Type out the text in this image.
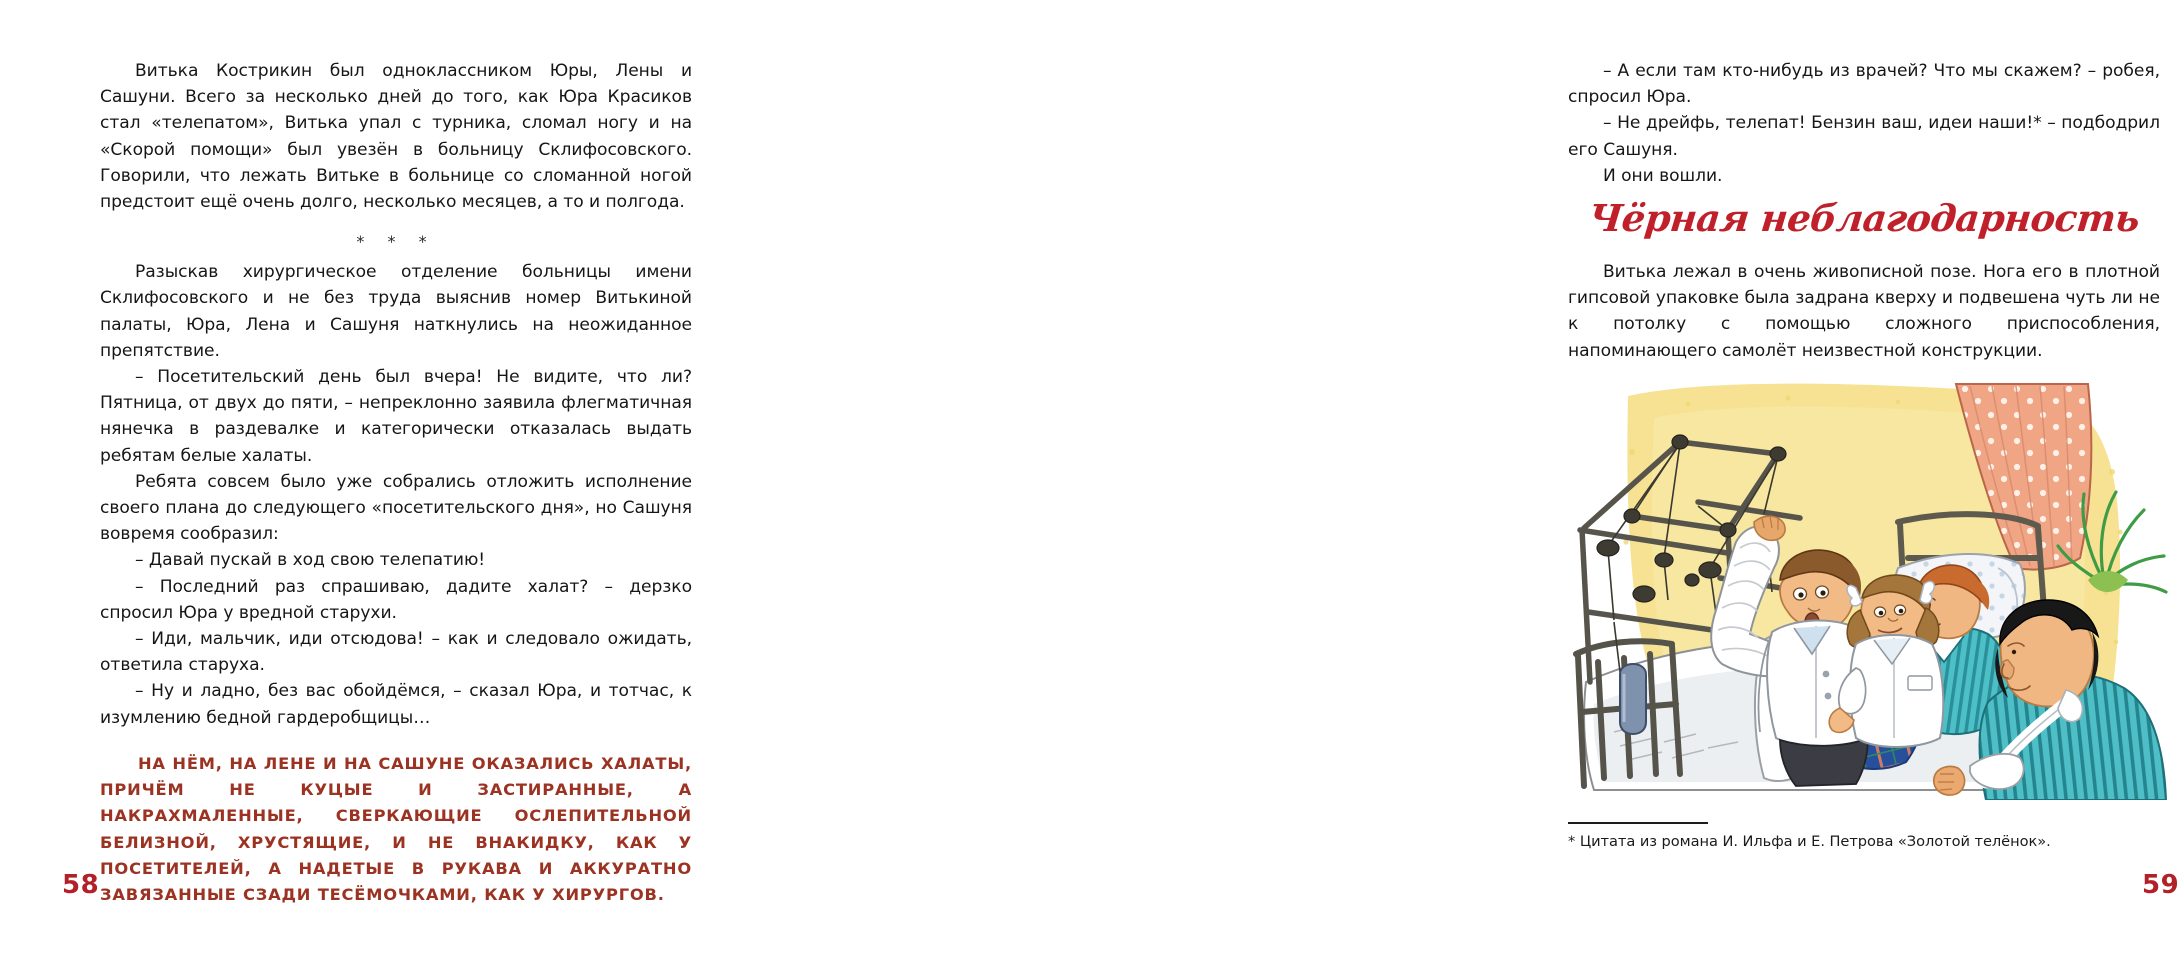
Витька Кострикин был одноклассником Юры, Лены и Сашуни. Всего за несколько дней до того, как Юра Красиков стал «телепатом», Витька упал с турника, сломал ногу и на «Скорой помощи» был увезён в больницу Склифосовского. Говорили, что лежать Витьке в больнице со сломанной ногой предстоит ещё очень долго, несколько месяцев, а то и полгода.

* * *

Разыскав хирургическое отделение больницы имени Склифосовского и не без труда выяснив номер Витькиной палаты, Юра, Лена и Сашуня наткнулись на неожиданное препятствие.

– Посетительский день был вчера! Не видите, что ли? Пятница, от двух до пяти, – непреклонно заявила флегматичная нянечка в раздевалке и категорически отказалась выдать ребятам белые халаты.

Ребята совсем было уже собрались отложить исполнение своего плана до следующего «посетительского дня», но Сашуня вовремя сообразил:

– Давай пускай в ход свою телепатию!

– Последний раз спрашиваю, дадите халат? – дерзко спросил Юра у вредной старухи.

– Иди, мальчик, иди отсюдова! – как и следовало ожидать, ответила старуха.

– Ну и ладно, без вас обойдёмся, – сказал Юра, и тотчас, к изумлению бедной гардеробщицы…

НА НЁМ, НА ЛЕНЕ И НА САШУНЕ ОКАЗАЛИСЬ ХАЛАТЫ, ПРИЧЁМ НЕ КУЦЫЕ И ЗАСТИРАННЫЕ, А НАКРАХМАЛЕННЫЕ, СВЕРКАЮЩИЕ ОСЛЕПИТЕЛЬНОЙ БЕЛИЗНОЙ, ХРУСТЯЩИЕ, И НЕ ВНАКИДКУ, КАК У ПОСЕТИТЕЛЕЙ, А НАДЕТЫЕ В РУКАВА И АККУРАТНО ЗАВЯЗАННЫЕ СЗАДИ ТЕСЁМОЧКАМИ, КАК У ХИРУРГОВ.

58

– А если там кто-нибудь из врачей? Что мы скажем? – робея, спросил Юра.

– Не дрейфь, телепат! Бензин ваш, идеи наши!* – подбодрил его Сашуня.

И они вошли.

Чёрная неблагодарность

Витька лежал в очень живописной позе. Нога его в плотной гипсовой упаковке была задрана кверху и подвешена чуть ли не к потолку с помощью сложного приспособления, напоминающего самолёт неизвестной конструкции.

* Цитата из романа И. Ильфа и Е. Петрова «Золотой телёнок».

59
